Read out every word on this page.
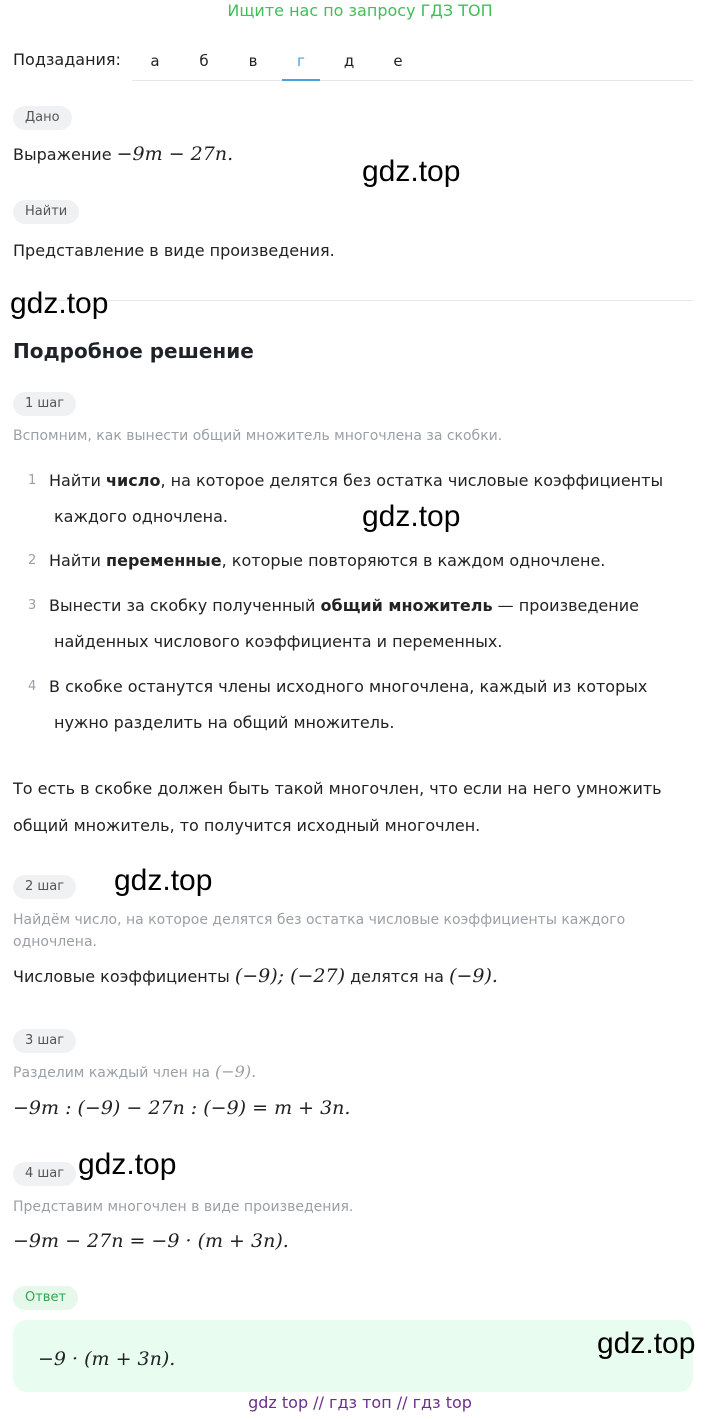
Ищите нас по запросу ГДЗ ТОП
Подзадания:	а	б	в	г	д	е
Дано
Выражение −9m − 27n.
Найти
Представление в виде произведения.
Подробное решение
1 шаг
Вспомним, как вынести общий множитель многочлена за скобки.
1 Найти число, на которое делятся без остатка числовые коэффициенты
каждого одночлена.
2 Найти переменные, которые повторяются в каждом одночлене.
3 Вынести за скобку полученный общий множитель — произведение
найденных числового коэффициента и переменных.
4 В скобке останутся члены исходного многочлена, каждый из которых
нужно разделить на общий множитель.
То есть в скобке должен быть такой многочлен, что если на него умножить
общий множитель, то получится исходный многочлен.
2 шаг
Найдём число, на которое делятся без остатка числовые коэффициенты каждого
одночлена.
Числовые коэффициенты (−9); (−27) делятся на (−9).
3 шаг
Разделим каждый член на (−9).
−9m : (−9) − 27n : (−9) = m + 3n.
4 шаг
Представим многочлен в виде произведения.
−9m − 27n = −9 · (m + 3n).
Ответ
−9 · (m + 3n).
gdz.top
gdz.top
gdz.top
gdz.top
gdz.top
gdz.top
gdz top // гдз топ // гдз top
